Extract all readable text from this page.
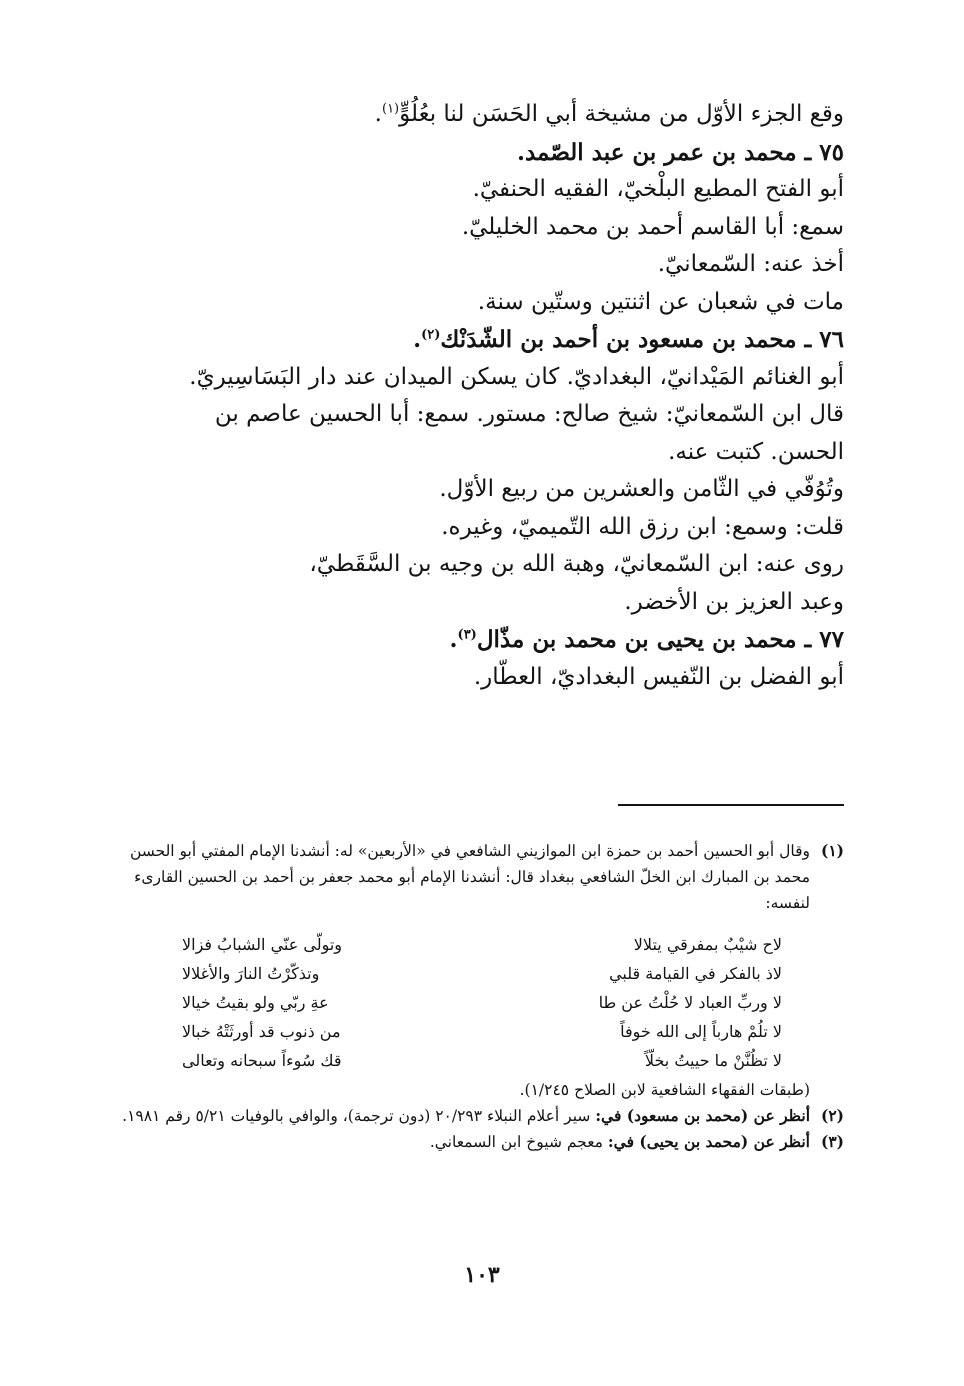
وقع الجزء الأوّل من مشيخة أبي الحَسَن لنا بعُلُوٍّ$^{(١)}$.
٧٥ ـ محمد بن عمر بن عبد الصّمد.
أبو الفتح المطيع البلْخيّ، الفقيه الحنفيّ.
سمع: أبا القاسم أحمد بن محمد الخليليّ.
أخذ عنه: السّمعانيّ.
مات في شعبان عن اثنتين وستّين سنة.
٧٦ ـ محمد بن مسعود بن أحمد بن الشّدَنْك$^{(٢)}$.
أبو الغنائم المَيْدانيّ، البغداديّ. كان يسكن الميدان عند دار البَسَاسِيريّ.
قال ابن السّمعانيّ: شيخ صالح: مستور. سمع: أبا الحسين عاصم بن
الحسن. كتبت عنه.
وتُوُفّي في الثّامن والعشرين من ربيع الأوّل.
قلت: وسمع: ابن رزق الله التّميميّ، وغيره.
روى عنه: ابن السّمعانيّ، وهبة الله بن وجيه بن السَّقَطيّ،
وعبد العزيز بن الأخضر.
٧٧ ـ محمد بن يحيى بن محمد بن مذّال$^{(٣)}$.
أبو الفضل بن النّفيس البغداديّ، العطّار.
(١)
وقال أبو الحسين أحمد بن حمزة ابن الموازيني الشافعي في «الأربعين» له: أنشدنا الإمام المفتي أبو الحسن محمد بن المبارك ابن الخلّ الشافعي ببغداد قال: أنشدنا الإمام أبو محمد جعفر بن أحمد بن الحسين القارىء لنفسه:
لاح شيْبٌ بمفرقي يتلالا
وتولّى عنّي الشبابُ فزالا
لاذ بالفكر في القيامة قلبي
وتذكّرْتُ النارَ والأغلالا
لا وربِّ العباد لا حُلْتُ عن طا
عةِ ربّي ولو بقيتُ خيالا
لا تلُمْ هارباً إلى الله خوفاً
من ذنوب قد أورثَتْهُ خبالا
لا تظُنَّنْ ما حييتُ بخلّاً
قك سُوءاً سبحانه وتعالى
(طبقات الفقهاء الشافعية لابن الصلاح ١/٢٤٥).
(٢)
أنظر عن (محمد بن مسعود) في: سير أعلام النبلاء ٢٠/٢٩٣ (دون ترجمة)، والوافي بالوفيات ٥/٢١ رقم ١٩٨١.
(٣)
أنظر عن (محمد بن يحيى) في: معجم شيوخ ابن السمعاني.
١٠٣
